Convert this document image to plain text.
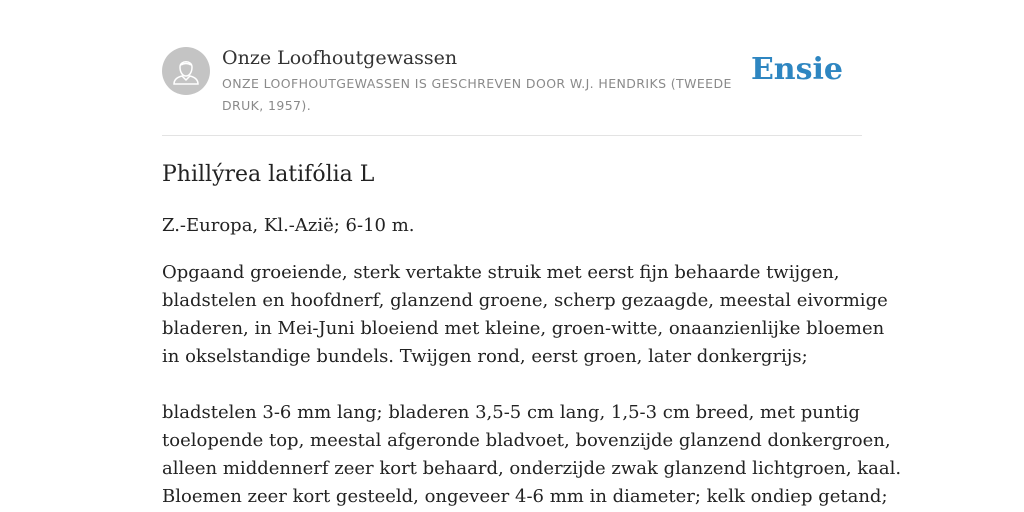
Onze Loofhoutgewassen
ONZE LOOFHOUTGEWASSEN IS GESCHREVEN DOOR W.J. HENDRIKS (TWEEDE DRUK, 1957).
Ensie
Phillýrea latifólia L

Z.-Europa, Kl.-Azië; 6-10 m.

Opgaand groeiende, sterk vertakte struik met eerst fijn behaarde twijgen,
bladstelen en hoofdnerf, glanzend groene, scherp gezaagde, meestal eivormige
bladeren, in Mei-Juni bloeiend met kleine, groen-witte, onaanzienlijke bloemen
in okselstandige bundels. Twijgen rond, eerst groen, later donkergrijs;
bladstelen 3-6 mm lang; bladeren 3,5-5 cm lang, 1,5-3 cm breed, met puntig
toelopende top, meestal afgeronde bladvoet, bovenzijde glanzend donkergroen,
alleen middennerf zeer kort behaard, onderzijde zwak glanzend lichtgroen, kaal.
Bloemen zeer kort gesteeld, ongeveer 4-6 mm in diameter; kelk ondiep getand;
